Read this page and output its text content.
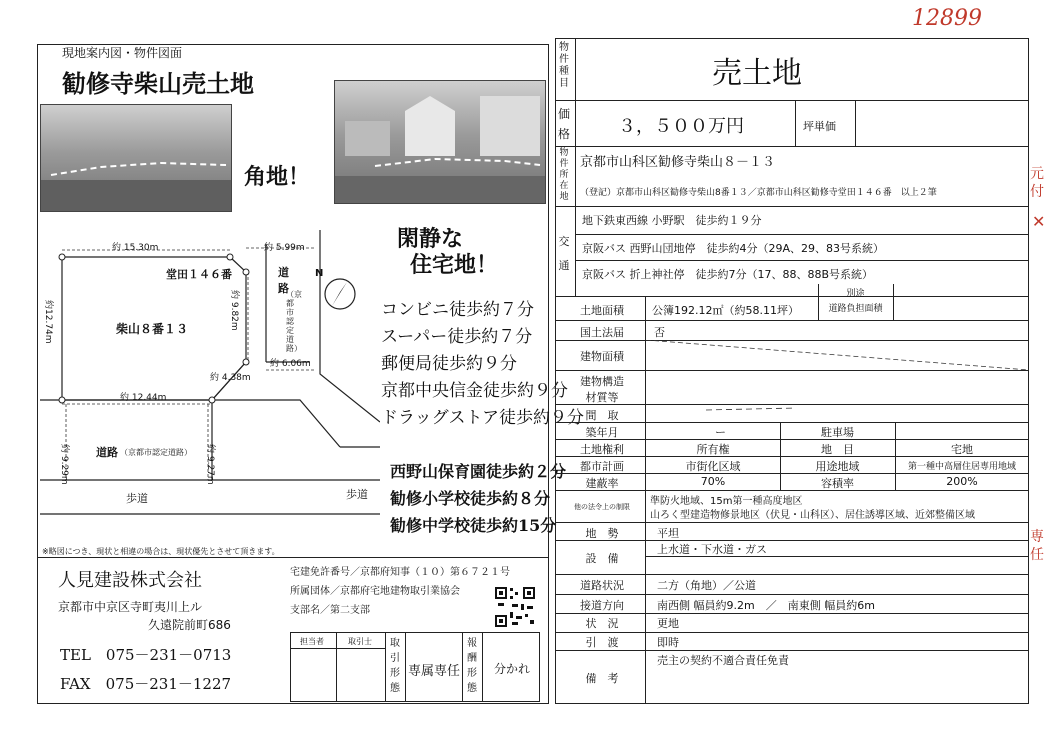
12899
元付
✕
専任
現地案内図・物件図面
勧修寺柴山売土地
角地！
閑静な
住宅地！
約 15.30m	約 5.99m
堂田１４６番
柴山８番１３
約12.74m	約 9.82m
約 6.06m
約 4.38m
約 12.44m
道路
（京都市認定道路）
N
道路 （京都市認定道路）
約 9.29m	約 9.27m
歩道	歩道
コンビニ徒歩約７分
スーパー徒歩約７分
郵便局徒歩約９分
京都中央信金徒歩約９分
ドラッグストア徒歩約９分
西野山保育園徒歩約２分
勧修小学校徒歩約８分
勧修中学校徒歩約15分
※略図につき、現状と相違の場合は、現状優先とさせて頂きます。
人見建設株式会社
京都市中京区寺町夷川上ル
久遠院前町686
TEL　075－231－0713
FAX　075－231－1227
宅建免許番号／京都府知事（１０）第６７２１号
所属団体／京都府宅地建物取引業協会
支部名／第二支部
担当者	取引士 取
引
形
態
専属専任
報
酬
形
態
分かれ
物
件
種
目	売土地
価
格	３，５００万円	坪単価
物
件
所
在
地
京都市山科区勧修寺柴山８－１３
（登記）京都市山科区勧修寺柴山8番１３／京都市山科区勧修寺堂田１４６番　以上２筆
交
通
地下鉄東西線 小野駅　徒歩約１９分
京阪バス 西野山団地停　徒歩約4分（29A、29、83号系統）
京阪バス 折上神社停　徒歩約7分（17、88、88B号系統）
土地面積	公簿192.12㎡（約58.11坪）
別途
道路負担面積
国土法届	否
建物面積
建物構造
材質等
間　取
築年月	ー	駐車場
土地権利	所有権	地　目	宅地
都市計画	市街化区域	用途地域	第一種中高層住居専用地域
建蔽率	70%	容積率	200%
他の法令上の制限	準防火地域、15m第一種高度地区
山ろく型建造物修景地区（伏見・山科区）、居住誘導区域、近郊整備区域
地　勢	平坦
設　備
上水道・下水道・ガス
道路状況	二方（角地）／公道
接道方向	南西側 幅員約9.2m　／　南東側 幅員約6m
状　況	更地
引　渡	即時
備　考
売主の契約不適合責任免責
